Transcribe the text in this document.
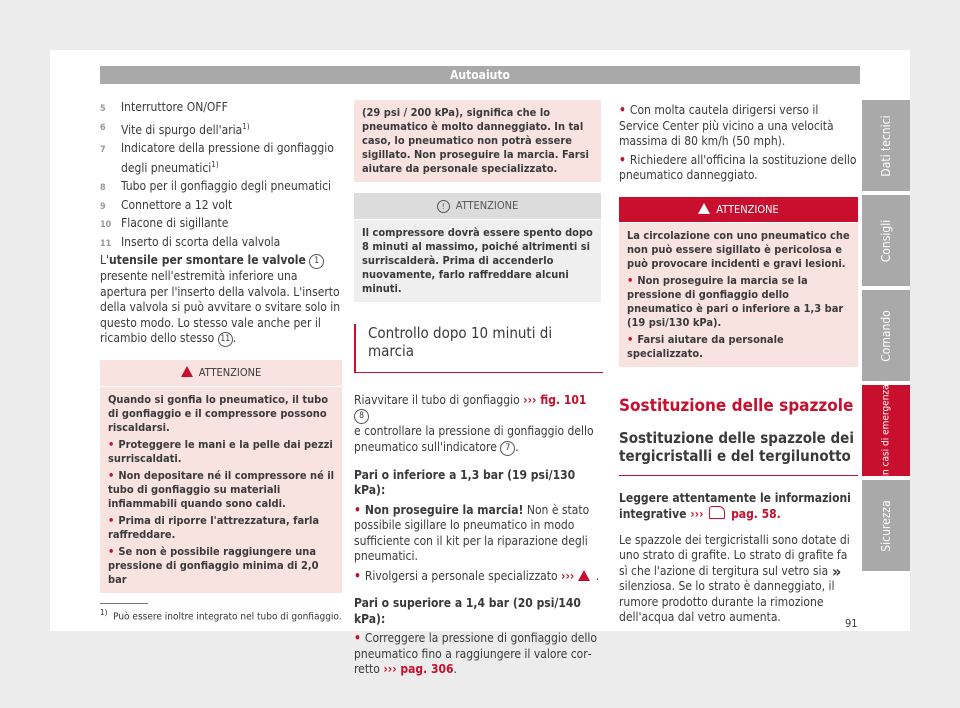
Autoaiuto
5 Interruttore ON/OFF
6 Vite di spurgo dell'aria$^{1)}$
7 Indicatore della pressione di gonfiaggio degli pneumatici$^{1)}$
8 Tubo per il gonfiaggio degli pneumatici
9 Connettore a 12 volt
10 Flacone di sigillante
11 Inserto di scorta della valvola
L'utensile per smontare le valvole 1 presente nell'estremità inferiore una apertura per l'inserto della valvola. L'inserto della valvola si può avvitare o svitare solo in questo modo. Lo stesso vale anche per il ricambio dello stesso 11 .
ATTENZIONE
Quando si gonfia lo pneumatico, il tubo di gonfiaggio e il compressore possono riscaldarsi.
• Proteggere le mani e la pelle dai pezzi surriscaldati.
• Non depositare né il compressore né il tubo di gonfiaggio su materiali infiammabili quando sono caldi.
• Prima di riporre l'attrezzatura, farla raffreddare.
• Se non è possibile raggiungere una pressione di gonfiaggio minima di 2,0 bar
(29 psi / 200 kPa), significa che lo pneumatico è molto danneggiato. In tal caso, lo pneumatico non potrà essere sigillato. Non proseguire la marcia. Farsi aiutare da personale specializzato.
! ATTENZIONE
Il compressore dovrà essere spento dopo 8 minuti al massimo, poiché altrimenti si surriscalderà. Prima di accenderlo nuovamente, farlo raffreddare alcuni minuti.
Controllo dopo 10 minuti di marcia
Riavvitare il tubo di gonfiaggio ››› fig. 101 8
e controllare la pressione di gonfiaggio dello pneumatico sull'indicatore 7 .
Pari o inferiore a 1,3 bar (19 psi/130 kPa):
• Non proseguire la marcia! Non è stato possibile sigillare lo pneumatico in modo sufficiente con il kit per la riparazione degli pneumatici.
• Rivolgersi a personale specializzato ››› .
Pari o superiore a 1,4 bar (20 psi/140 kPa):
• Correggere la pressione di gonfiaggio dello pneumatico fino a raggiungere il valore corretto ››› pag. 306.
• Con molta cautela dirigersi verso il Service Center più vicino a una velocità massima di 80 km/h (50 mph).
• Richiedere all'officina la sostituzione dello pneumatico danneggiato.
ATTENZIONE
La circolazione con uno pneumatico che non può essere sigillato è pericolosa e può provocare incidenti e gravi lesioni.
• Non proseguire la marcia se la pressione di gonfiaggio dello pneumatico è pari o inferiore a 1,3 bar (19 psi/130 kPa).
• Farsi aiutare da personale specializzato.
Sostituzione delle spazzole
Sostituzione delle spazzole dei tergicristalli e del tergilunotto
Leggere attentamente le informazioni integrative ››› pag. 58.
Le spazzole dei tergicristalli sono dotate di uno strato di grafite. Lo strato di grafite fa sì che l'azione di tergitura sul vetro sia silenziosa. Se lo strato è danneggiato, il rumore prodotto durante la rimozione dell'acqua dal vetro aumenta.
»
Dati tecnici
Consigli
Comando
In casi di emergenza
Sicurezza
$^{1)}$ Può essere inoltre integrato nel tubo di gonfiaggio.
91
